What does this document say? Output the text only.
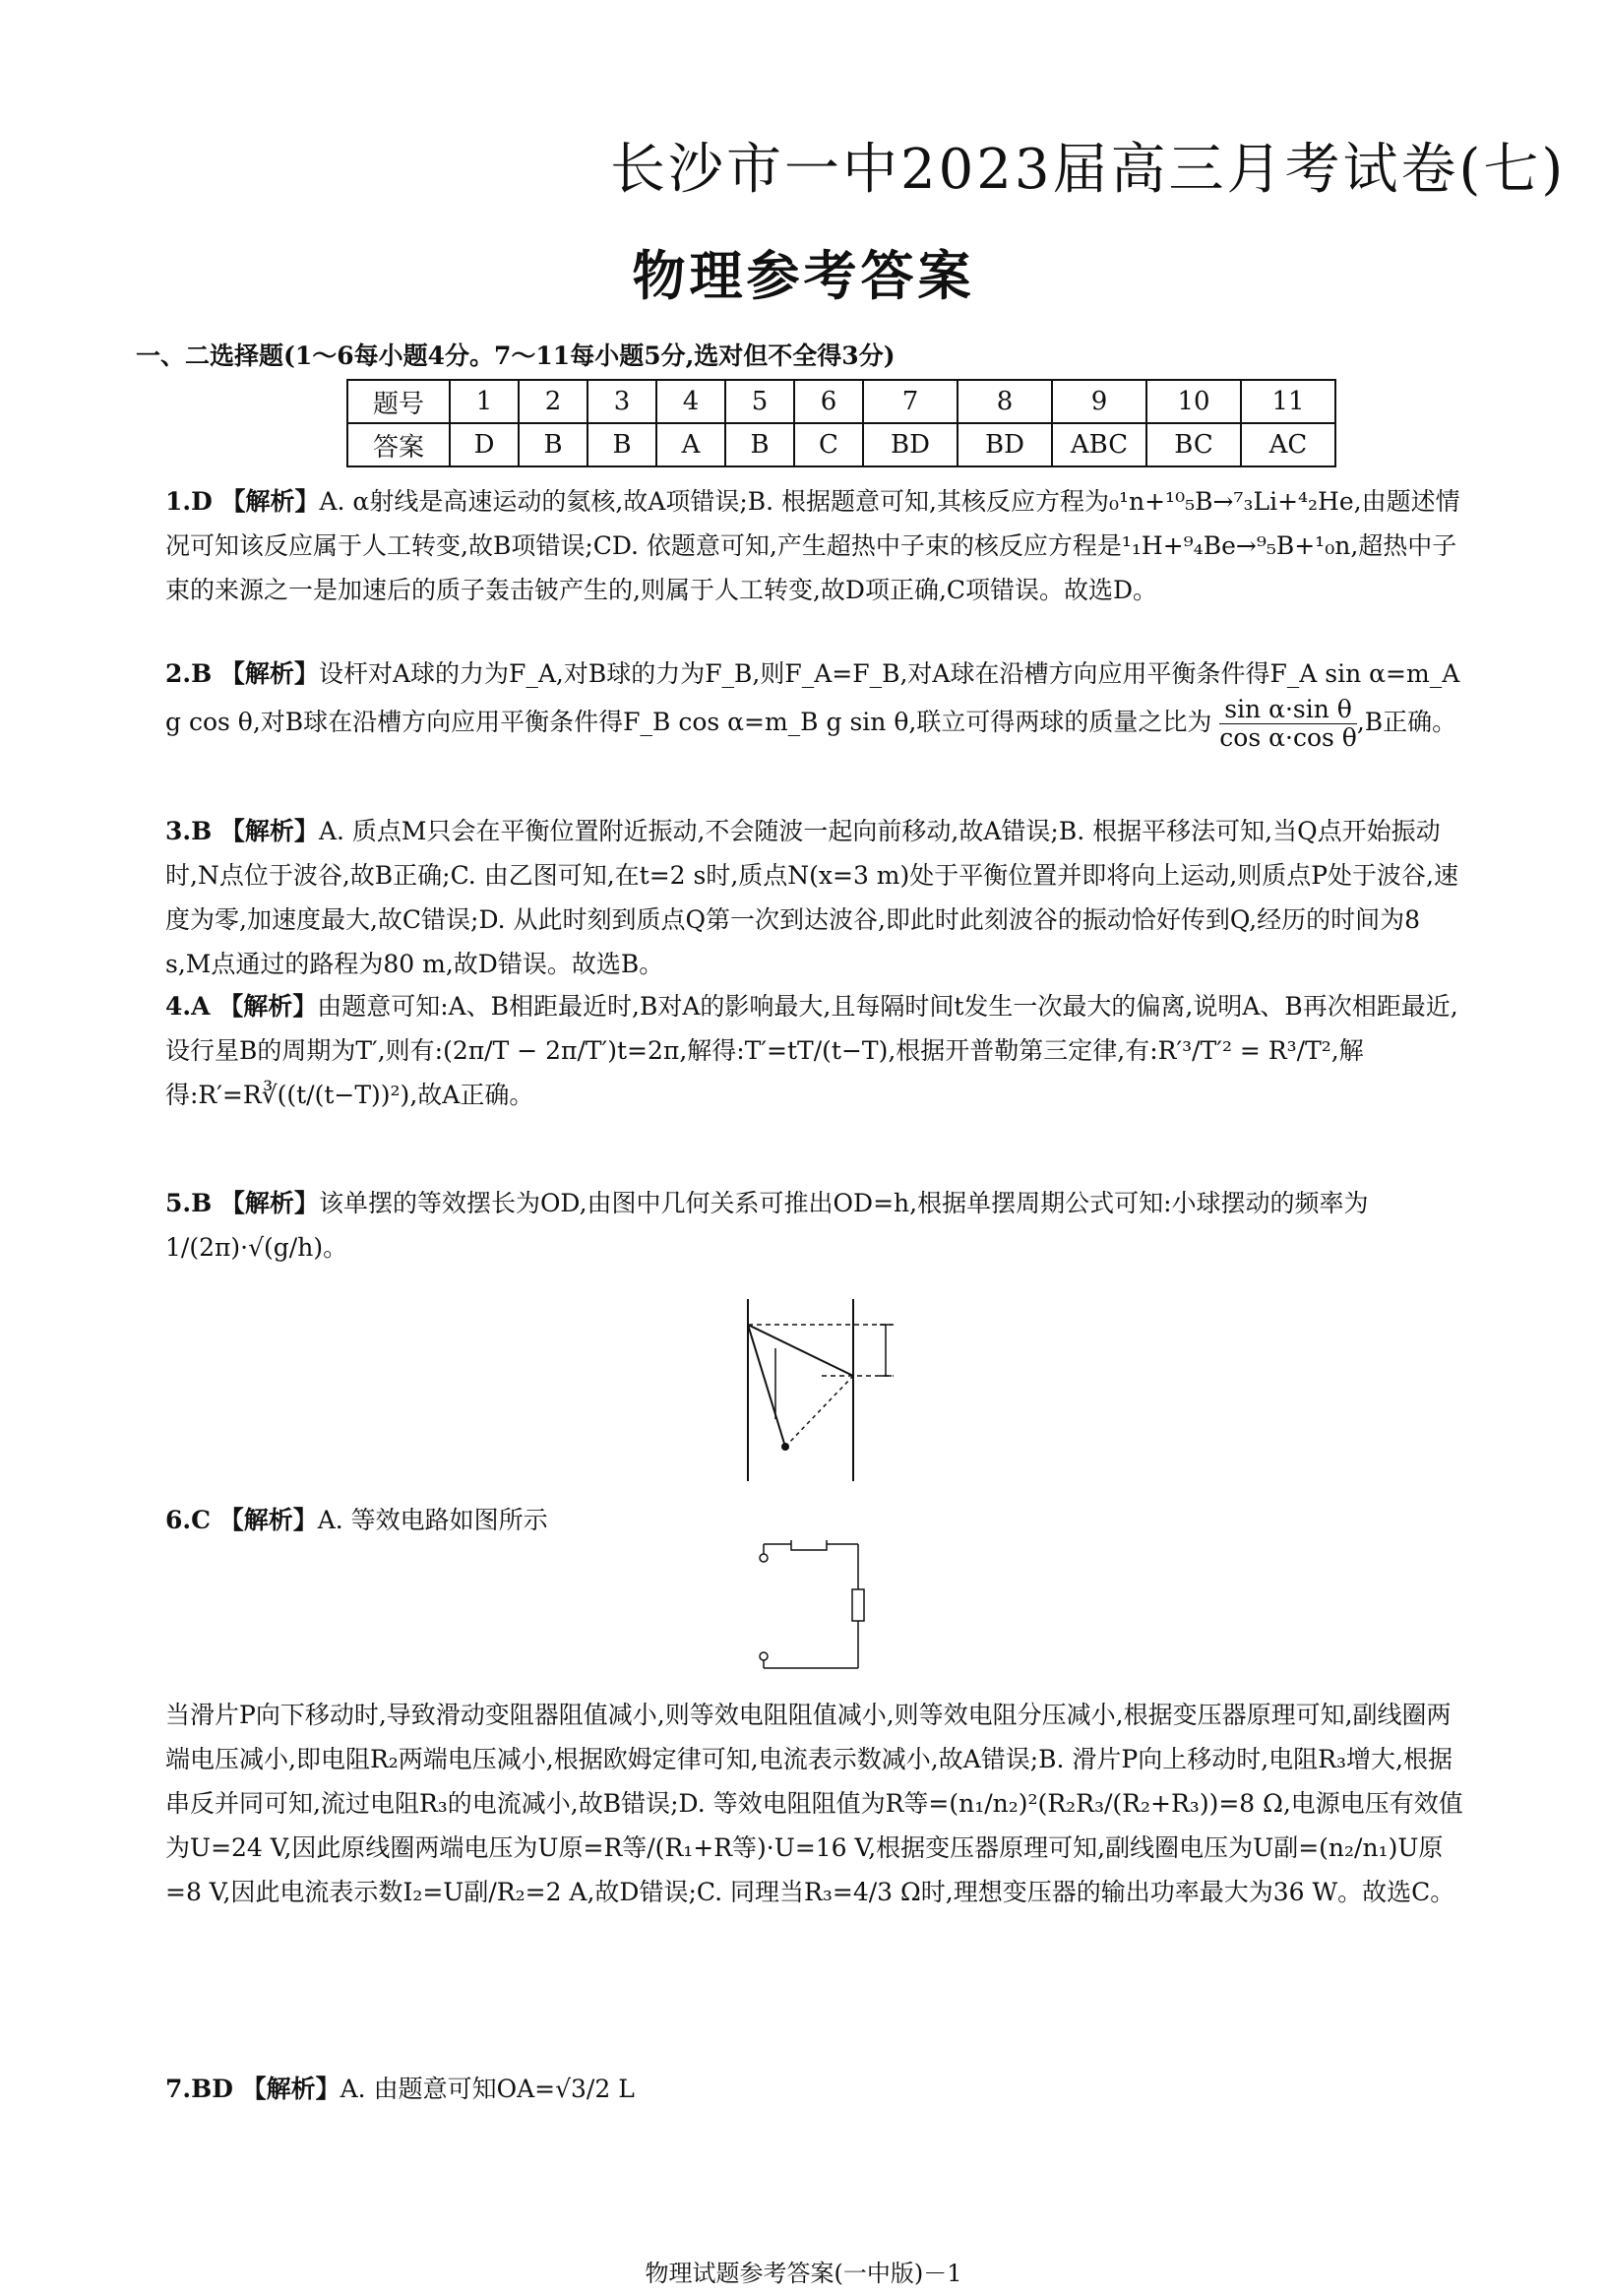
长沙市一中2023届高三月考试卷(七)
物理参考答案
一、二选择题(1～6每小题4分。7～11每小题5分,选对但不全得3分)
题号	1	2	3	4	5	6	7	8	9	10	11
答案	D	B	B	A	B	C	BD	BD	ABC	BC	AC
1.D 【解析】A. α射线是高速运动的氦核,故A项错误;B. 根据题意可知,其核反应方程为₀¹n+¹⁰₅B→⁷₃Li+⁴₂He,由题述情况可知该反应属于人工转变,故B项错误;CD. 依题意可知,产生超热中子束的核反应方程是¹₁H+⁹₄Be→⁹₅B+¹₀n,超热中子束的来源之一是加速后的质子轰击铍产生的,则属于人工转变,故D项正确,C项错误。故选D。
2.B 【解析】设杆对A球的力为F_A,对B球的力为F_B,则F_A=F_B,对A球在沿槽方向应用平衡条件得F_A sin α=m_A g cos θ,对B球在沿槽方向应用平衡条件得F_B cos α=m_B g sin θ,联立可得两球的质量之比为 $\frac{\text{sin α·sin θ}}{\text{cos α·cos θ}} ,B$正确。
3.B 【解析】A. 质点M只会在平衡位置附近振动,不会随波一起向前移动,故A错误;B. 根据平移法可知,当Q点开始振动时,N点位于波谷,故B正确;C. 由乙图可知,在t=2 s时,质点N(x=3 m)处于平衡位置并即将向上运动,则质点P处于波谷,速度为零,加速度最大,故C错误;D. 从此时刻到质点Q第一次到达波谷,即此时此刻波谷的振动恰好传到Q,经历的时间为8 s,M点通过的路程为80 m,故D错误。故选B。
4.A 【解析】由题意可知:A、B相距最近时,B对A的影响最大,且每隔时间t发生一次最大的偏离,说明A、B再次相距最近,设行星B的周期为T′,则有:(2π/T − 2π/T′)t=2π,解得:T′=tT/(t−T),根据开普勒第三定律,有:R′³/T′² = R³/T²,解得:R′=R∛((t/(t−T))²),故A正确。
5.B 【解析】该单摆的等效摆长为OD,由图中几何关系可推出OD=h,根据单摆周期公式可知:小球摆动的频率为1/(2π)·√(g/h)。
6.C 【解析】A. 等效电路如图所示
当滑片P向下移动时,导致滑动变阻器阻值减小,则等效电阻阻值减小,则等效电阻分压减小,根据变压器原理可知,副线圈两端电压减小,即电阻R₂两端电压减小,根据欧姆定律可知,电流表示数减小,故A错误;B. 滑片P向上移动时,电阻R₃增大,根据串反并同可知,流过电阻R₃的电流减小,故B错误;D. 等效电阻阻值为R等=(n₁/n₂)²(R₂R₃/(R₂+R₃))=8 Ω,电源电压有效值为U=24 V,因此原线圈两端电压为U原=R等/(R₁+R等)·U=16 V,根据变压器原理可知,副线圈电压为U副=(n₂/n₁)U原=8 V,因此电流表示数I₂=U副/R₂=2 A,故D错误;C. 同理当R₃=4/3 Ω时,理想变压器的输出功率最大为36 W。故选C。
7.BD 【解析】A. 由题意可知OA=√3/2 L
物理试题参考答案(一中版)－1
